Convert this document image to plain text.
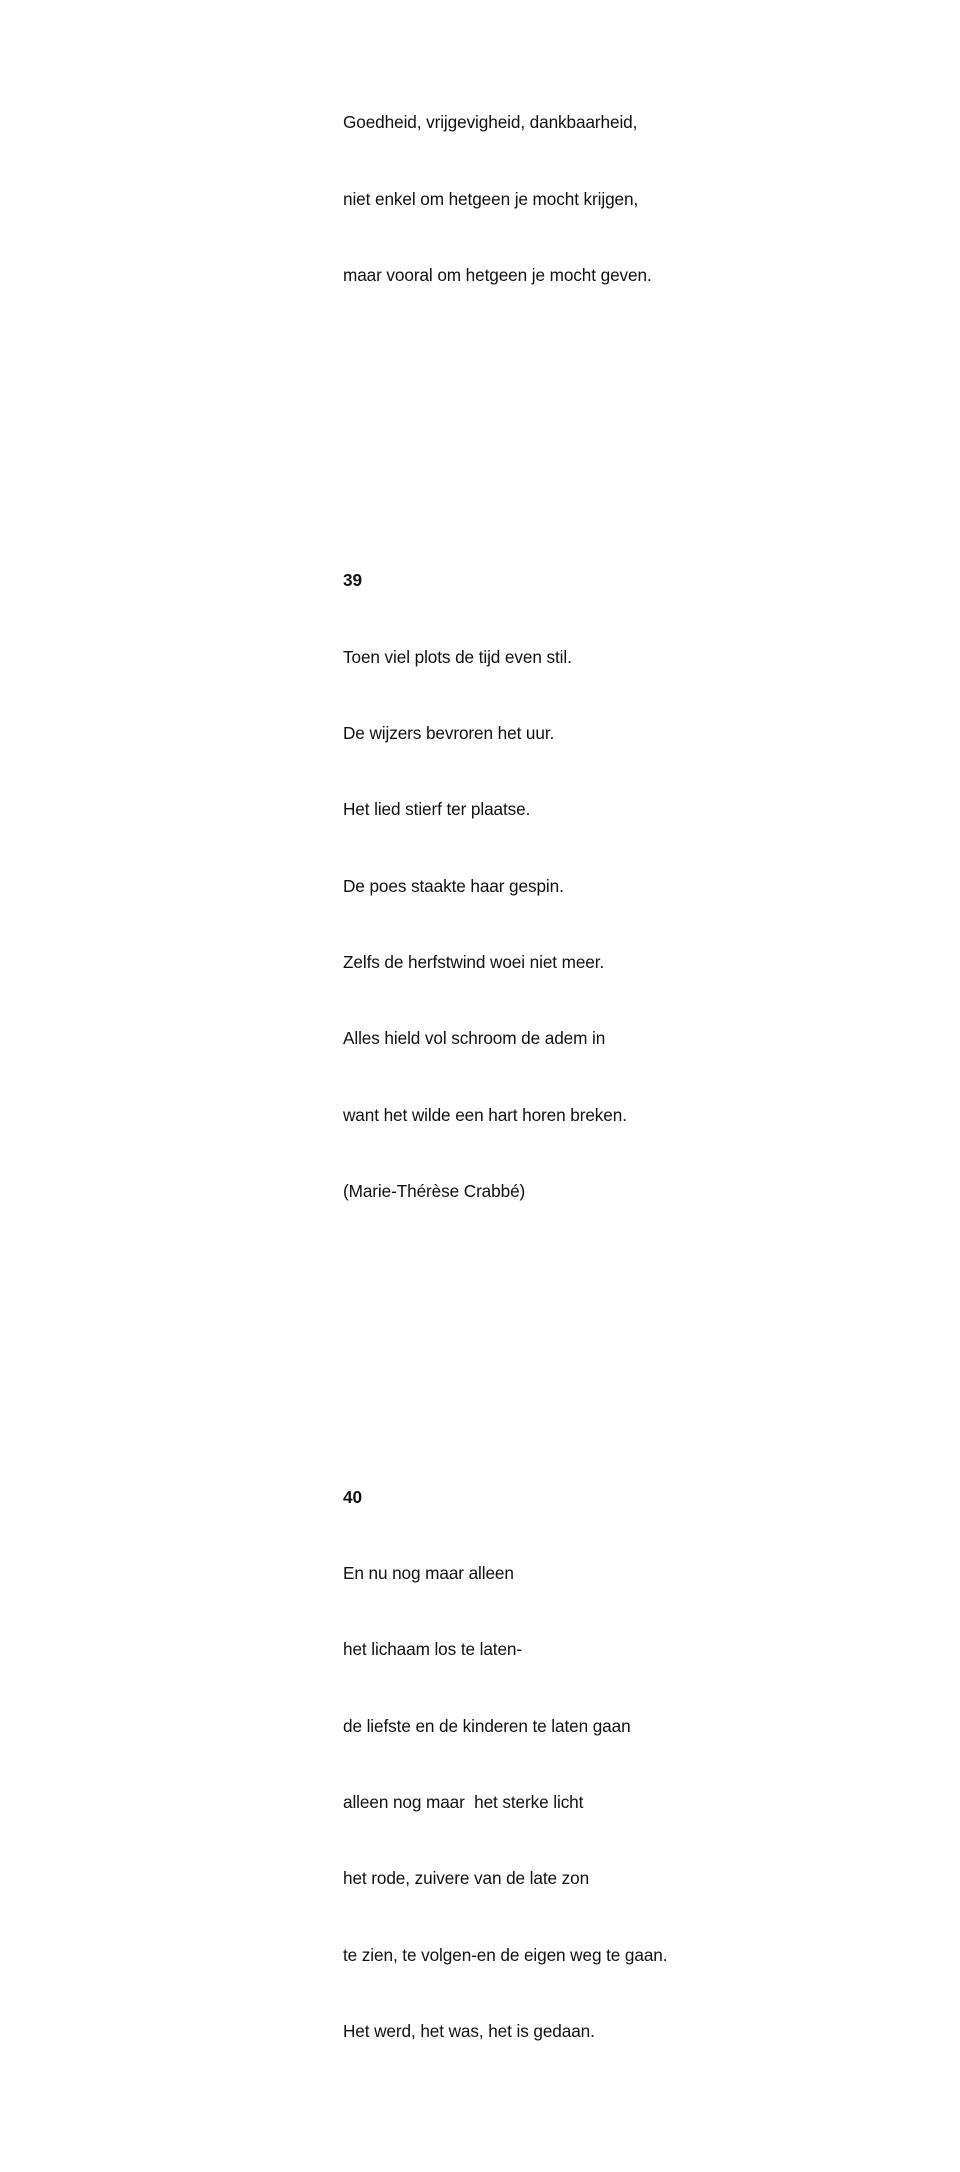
Goedheid, vrijgevigheid, dankbaarheid,

niet enkel om hetgeen je mocht krijgen,

maar vooral om hetgeen je mocht geven.

39

Toen viel plots de tijd even stil.

De wijzers bevroren het uur.

Het lied stierf ter plaatse.

De poes staakte haar gespin.

Zelfs de herfstwind woei niet meer.

Alles hield vol schroom de adem in

want het wilde een hart horen breken.

(Marie-Thérèse Crabbé)

40

En nu nog maar alleen

het lichaam los te laten-

de liefste en de kinderen te laten gaan

alleen nog maar  het sterke licht

het rode, zuivere van de late zon

te zien, te volgen-en de eigen weg te gaan.

Het werd, het was, het is gedaan.
